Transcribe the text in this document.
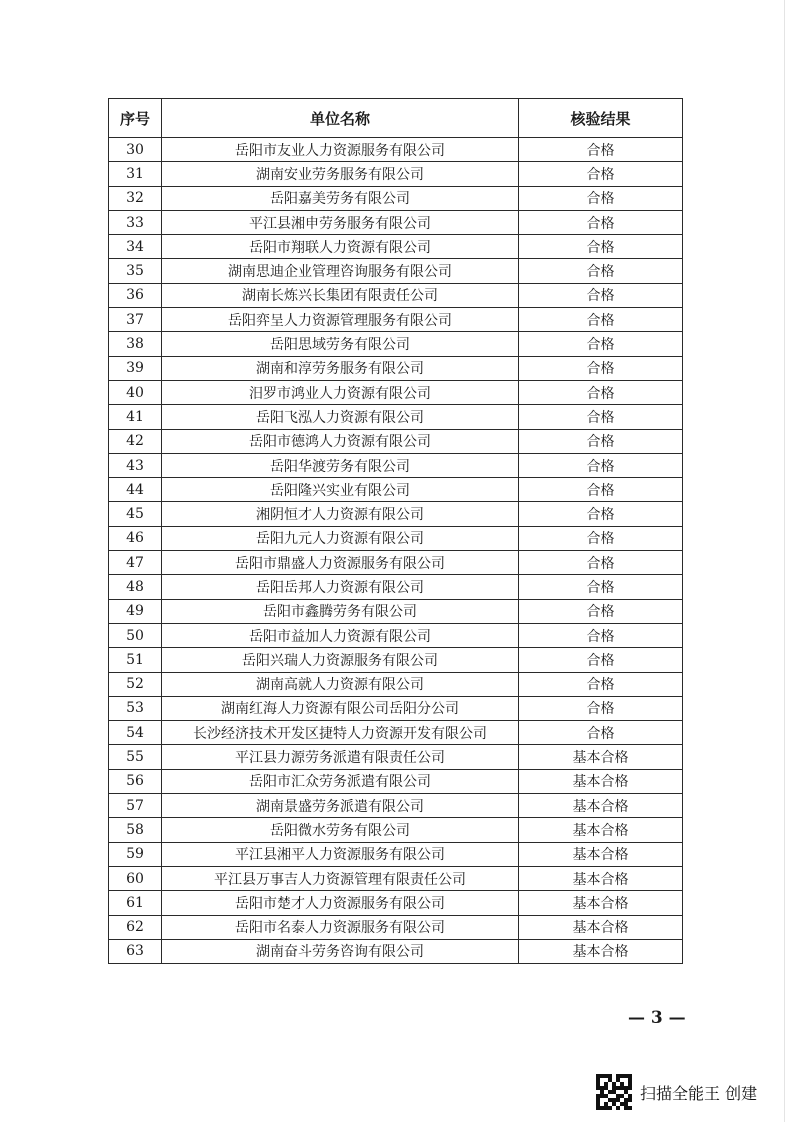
序号	单位名称	核验结果
30	岳阳市友业人力资源服务有限公司	合格
31	湖南安业劳务服务有限公司	合格
32	岳阳嘉美劳务有限公司	合格
33	平江县湘申劳务服务有限公司	合格
34	岳阳市翔联人力资源有限公司	合格
35	湖南思迪企业管理咨询服务有限公司	合格
36	湖南长炼兴长集团有限责任公司	合格
37	岳阳弈呈人力资源管理服务有限公司	合格
38	岳阳思域劳务有限公司	合格
39	湖南和淳劳务服务有限公司	合格
40	汨罗市鸿业人力资源有限公司	合格
41	岳阳飞泓人力资源有限公司	合格
42	岳阳市德鸿人力资源有限公司	合格
43	岳阳华渡劳务有限公司	合格
44	岳阳隆兴实业有限公司	合格
45	湘阴恒才人力资源有限公司	合格
46	岳阳九元人力资源有限公司	合格
47	岳阳市鼎盛人力资源服务有限公司	合格
48	岳阳岳邦人力资源有限公司	合格
49	岳阳市鑫腾劳务有限公司	合格
50	岳阳市益加人力资源有限公司	合格
51	岳阳兴瑞人力资源服务有限公司	合格
52	湖南高就人力资源有限公司	合格
53	湖南红海人力资源有限公司岳阳分公司	合格
54	长沙经济技术开发区捷特人力资源开发有限公司	合格
55	平江县力源劳务派遣有限责任公司	基本合格
56	岳阳市汇众劳务派遣有限公司	基本合格
57	湖南景盛劳务派遣有限公司	基本合格
58	岳阳微水劳务有限公司	基本合格
59	平江县湘平人力资源服务有限公司	基本合格
60	平江县万事吉人力资源管理有限责任公司	基本合格
61	岳阳市楚才人力资源服务有限公司	基本合格
62	岳阳市名泰人力资源服务有限公司	基本合格
63	湖南奋斗劳务咨询有限公司	基本合格
— 3 —
扫描全能王 创建
